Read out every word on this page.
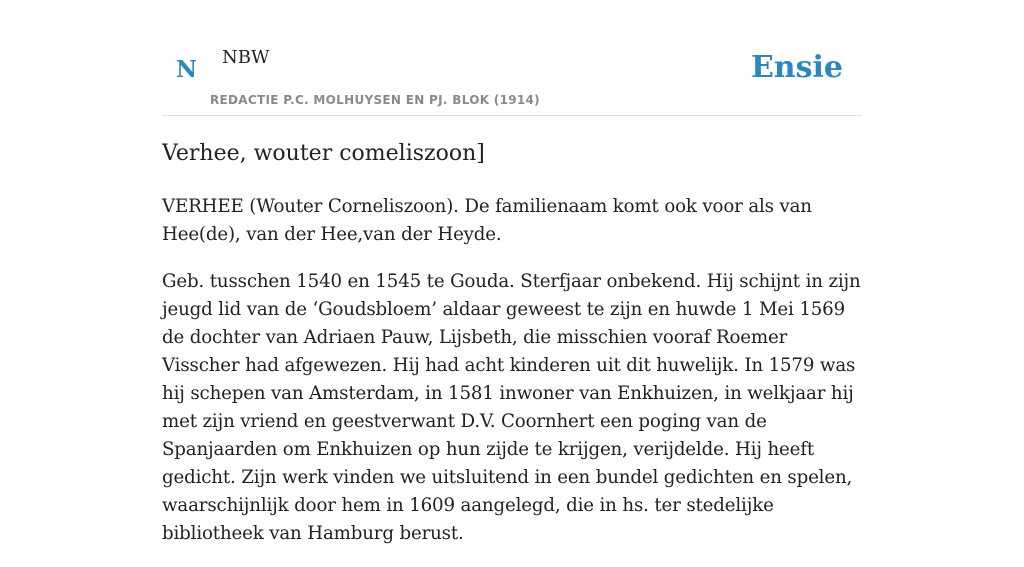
N NBW
REDACTIE P.C. MOLHUYSEN EN PJ. BLOK (1914)
Ensie
Verhee, wouter comeliszoon]

VERHEE (Wouter Corneliszoon). De familienaam komt ook voor als van Hee(de), van der Hee,van der Heyde.

Geb. tusschen 1540 en 1545 te Gouda. Sterfjaar onbekend. Hij schijnt in zijn jeugd lid van de ‘Goudsbloem’ aldaar geweest te zijn en huwde 1 Mei 1569 de dochter van Adriaen Pauw, Lijsbeth, die misschien vooraf Roemer Visscher had afgewezen. Hij had acht kinderen uit dit huwelijk. In 1579 was hij schepen van Amsterdam, in 1581 inwoner van Enkhuizen, in welkjaar hij met zijn vriend en geestverwant D.V. Coornhert een poging van de Spanjaarden om Enkhuizen op hun zijde te krijgen, verijdelde. Hij heeft gedicht. Zijn werk vinden we uitsluitend in een bundel gedichten en spelen, waarschijnlijk door hem in 1609 aangelegd, die in hs. ter stedelijke bibliotheek van Hamburg berust.
